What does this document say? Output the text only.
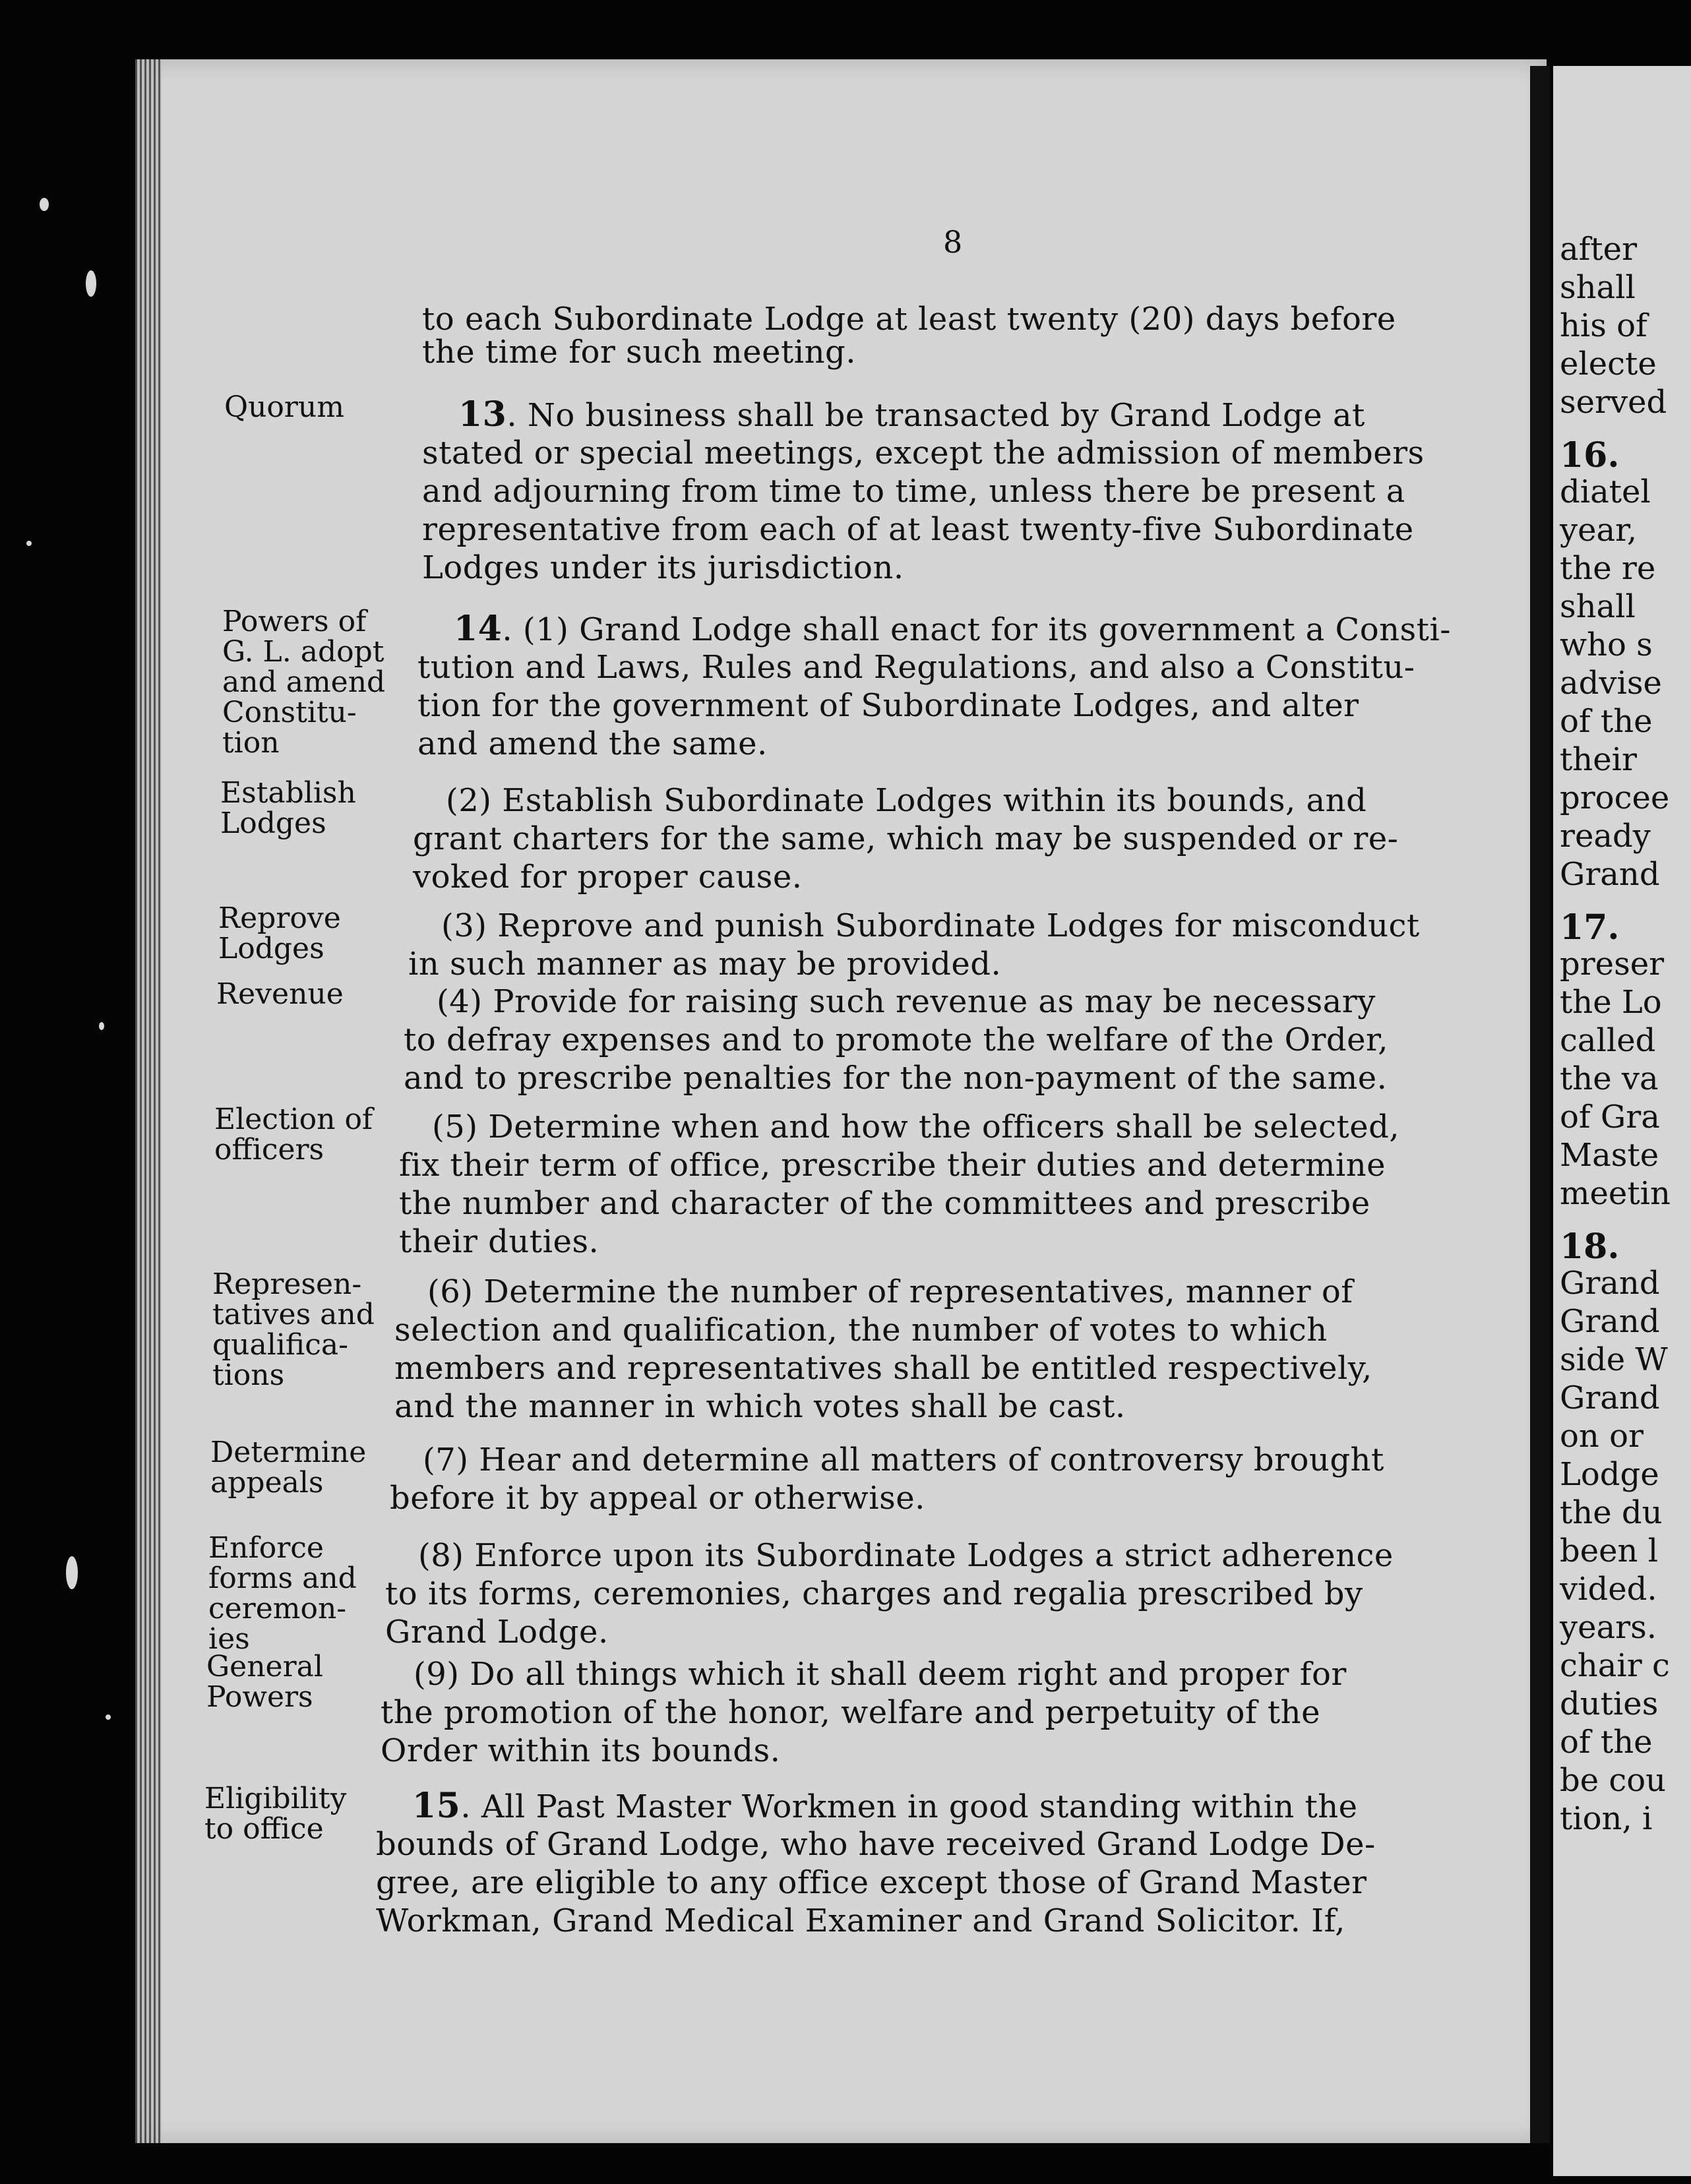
after
shall
his of
electe
served
16.
diatel
year,
the re
shall
who s
advise
of the
their
procee
ready
Grand
17.
preser
the Lo
called
the va
of Gra
Maste
meetin
18.
Grand
Grand
side W
Grand
on or
Lodge
the du
been l
vided.
years.
chair c
duties
of the
be cou
tion, i
8
to each Subordinate Lodge at least twenty (20) days before
the time for such meeting.
Quorum	13. No business shall be transacted by Grand Lodge at
stated or special meetings, except the admission of members
and adjourning from time to time, unless there be present a
representative from each of at least twenty-five Subordinate
Lodges under its jurisdiction.
Powers of
G. L. adopt
and amend
Constitu-
tion
14. (1) Grand Lodge shall enact for its government a Consti-
tution and Laws, Rules and Regulations, and also a Constitu-
tion for the government of Subordinate Lodges, and alter
and amend the same.
Establish
Lodges
(2) Establish Subordinate Lodges within its bounds, and
grant charters for the same, which may be suspended or re-
voked for proper cause.
Reprove
Lodges
(3) Reprove and punish Subordinate Lodges for misconduct
in such manner as may be provided.
Revenue	(4) Provide for raising such revenue as may be necessary
to defray expenses and to promote the welfare of the Order,
and to prescribe penalties for the non-payment of the same.
Election of
officers
(5) Determine when and how the officers shall be selected,
fix their term of office, prescribe their duties and determine
the number and character of the committees and prescribe
their duties.
Represen-
tatives and
qualifica-
tions
(6) Determine the number of representatives, manner of
selection and qualification, the number of votes to which
members and representatives shall be entitled respectively,
and the manner in which votes shall be cast.
Determine
appeals
(7) Hear and determine all matters of controversy brought
before it by appeal or otherwise.
Enforce
forms and
ceremon-
ies
(8) Enforce upon its Subordinate Lodges a strict adherence
to its forms, ceremonies, charges and regalia prescribed by
Grand Lodge.
General
Powers
(9) Do all things which it shall deem right and proper for
the promotion of the honor, welfare and perpetuity of the
Order within its bounds.
Eligibility
to office
15. All Past Master Workmen in good standing within the
bounds of Grand Lodge, who have received Grand Lodge De-
gree, are eligible to any office except those of Grand Master
Workman, Grand Medical Examiner and Grand Solicitor. If,
